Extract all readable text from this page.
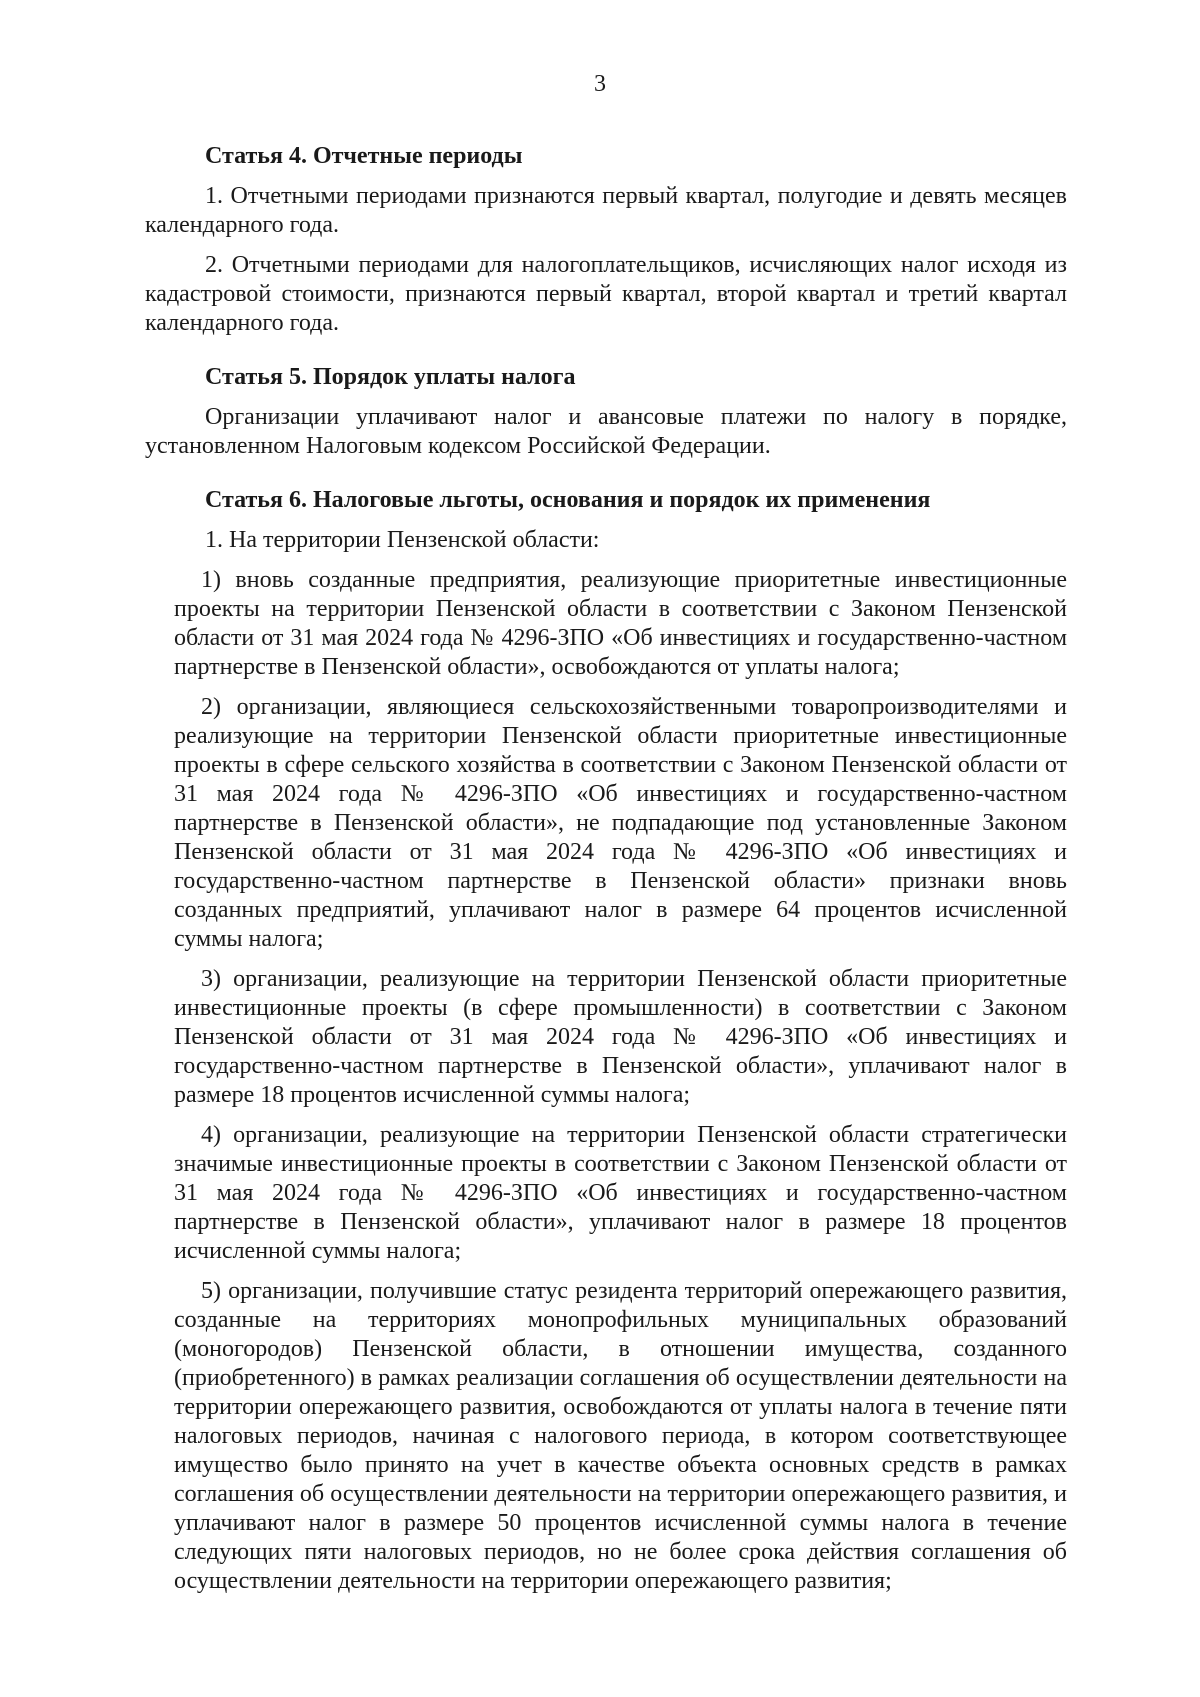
3
Статья 4. Отчетные периоды
1. Отчетными периодами признаются первый квартал, полугодие и девять месяцев календарного года.
2. Отчетными периодами для налогоплательщиков, исчисляющих налог исходя из кадастровой стоимости, признаются первый квартал, второй квартал и третий квартал календарного года.
Статья 5. Порядок уплаты налога
Организации уплачивают налог и авансовые платежи по налогу в порядке, установленном Налоговым кодексом Российской Федерации.
Статья 6. Налоговые льготы, основания и порядок их применения
1. На территории Пензенской области:
1) вновь созданные предприятия, реализующие приоритетные инвестиционные проекты на территории Пензенской области в соответствии с Законом Пензенской области от 31 мая 2024 года № 4296-ЗПО «Об инвестициях и государственно-частном партнерстве в Пензенской области», освобождаются от уплаты налога;
2) организации, являющиеся сельскохозяйственными товаропроизводителями и реализующие на территории Пензенской области приоритетные инвестиционные проекты в сфере сельского хозяйства в соответствии с Законом Пензенской области от 31 мая 2024 года № 4296-ЗПО «Об инвестициях и государственно-частном партнерстве в Пензенской области», не подпадающие под установленные Законом Пензенской области от 31 мая 2024 года № 4296-ЗПО «Об инвестициях и государственно-частном партнерстве в Пензенской области» признаки вновь созданных предприятий, уплачивают налог в размере 64 процентов исчисленной суммы налога;
3) организации, реализующие на территории Пензенской области приоритетные инвестиционные проекты (в сфере промышленности) в соответствии с Законом Пензенской области от 31 мая 2024 года № 4296-ЗПО «Об инвестициях и государственно-частном партнерстве в Пензенской области», уплачивают налог в размере 18 процентов исчисленной суммы налога;
4) организации, реализующие на территории Пензенской области стратегически значимые инвестиционные проекты в соответствии с Законом Пензенской области от 31 мая 2024 года № 4296-ЗПО «Об инвестициях и государственно-частном партнерстве в Пензенской области», уплачивают налог в размере 18 процентов исчисленной суммы налога;
5) организации, получившие статус резидента территорий опережающего развития, созданные на территориях монопрофильных муниципальных образований (моногородов) Пензенской области, в отношении имущества, созданного (приобретенного) в рамках реализации соглашения об осуществлении деятельности на территории опережающего развития, освобождаются от уплаты налога в течение пяти налоговых периодов, начиная с налогового периода, в котором соответствующее имущество было принято на учет в качестве объекта основных средств в рамках соглашения об осуществлении деятельности на территории опережающего развития, и уплачивают налог в размере 50 процентов исчисленной суммы налога в течение следующих пяти налоговых периодов, но не более срока действия соглашения об осуществлении деятельности на территории опережающего развития;
